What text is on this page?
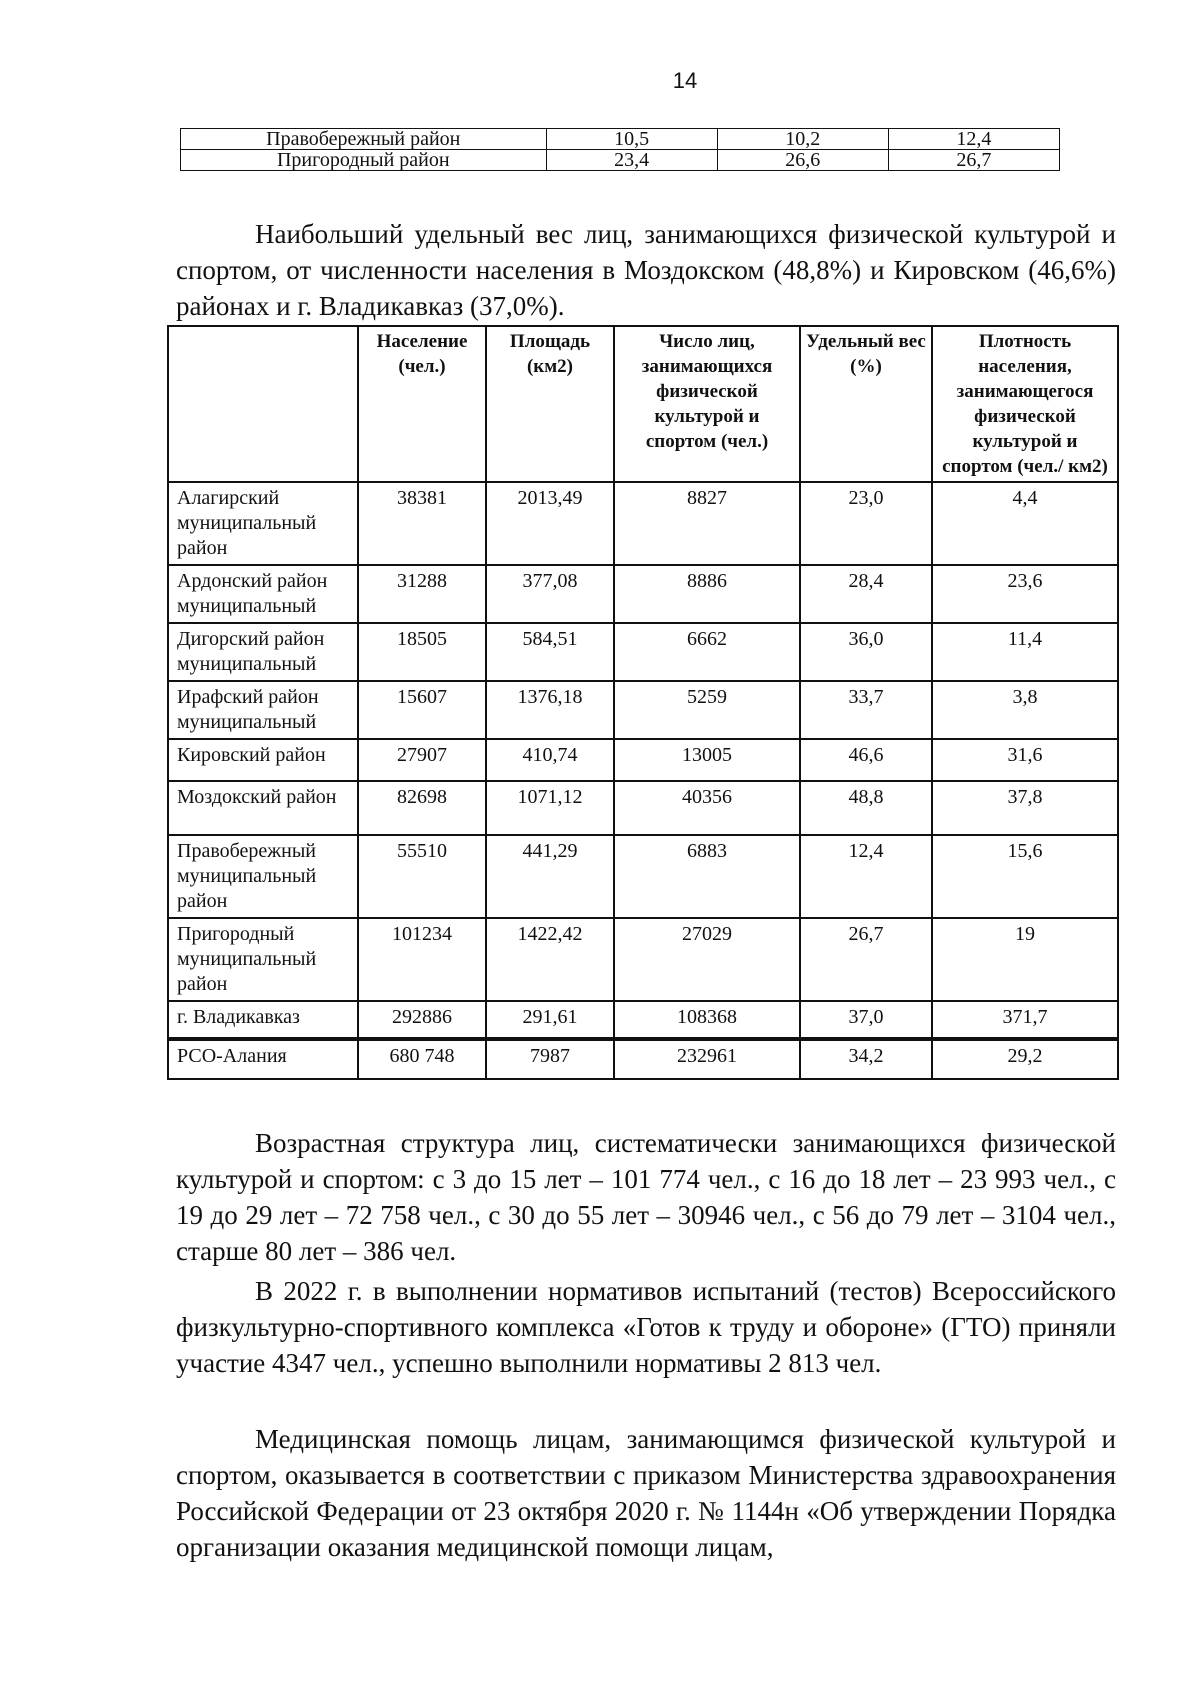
14
Правобережный район	10,5	10,2	12,4
Пригородный район	23,4	26,6	26,7

Наибольший удельный вес лиц, занимающихся физической культурой и спортом, от численности населения в Моздокском (48,8%) и Кировском (46,6%) районах и г. Владикавказ (37,0%).

	Население (чел.)	Площадь (км2)	Число лиц, занимающихся физической культурой и спортом (чел.)	Удельный вес (%)	Плотность населения, занимающегося физической культурой и спортом (чел./ км2)
Алагирский муниципальный район	38381	2013,49	8827	23,0	4,4
Ардонский район муниципальный	31288	377,08	8886	28,4	23,6
Дигорский район муниципальный	18505	584,51	6662	36,0	11,4
Ирафский район муниципальный	15607	1376,18	5259	33,7	3,8
Кировский район	27907	410,74	13005	46,6	31,6
Моздокский район	82698	1071,12	40356	48,8	37,8
Правобережный муниципальный район	55510	441,29	6883	12,4	15,6
Пригородный муниципальный район	101234	1422,42	27029	26,7	19
г. Владикавказ	292886	291,61	108368	37,0	371,7
РСО-Алания	680 748	7987	232961	34,2	29,2

Возрастная структура лиц, систематически занимающихся физической культурой и спортом: с 3 до 15 лет – 101 774 чел., с 16 до 18 лет – 23 993 чел., с 19 до 29 лет – 72 758 чел., с 30 до 55 лет – 30946 чел., с 56 до 79 лет – 3104 чел., старше 80 лет – 386 чел.

В 2022 г. в выполнении нормативов испытаний (тестов) Всероссийского физкультурно-спортивного комплекса «Готов к труду и обороне» (ГТО) приняли участие 4347 чел., успешно выполнили нормативы 2 813 чел.

Медицинская помощь лицам, занимающимся физической культурой и спортом, оказывается в соответствии с приказом Министерства здравоохранения Российской Федерации от 23 октября 2020 г. № 1144н «Об утверждении Порядка организации оказания медицинской помощи лицам,
